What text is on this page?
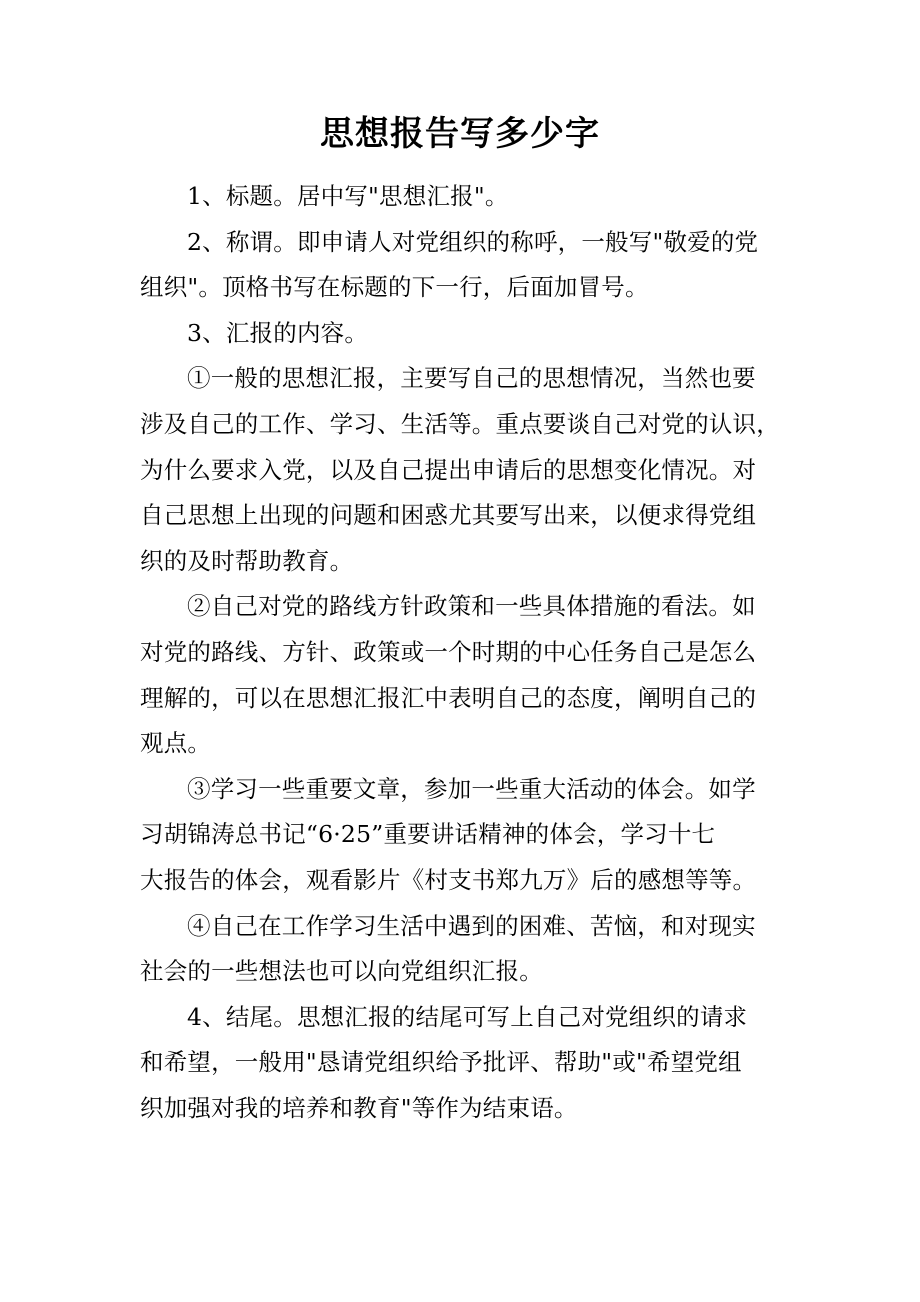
思想报告写多少字
1、标题。居中写"思想汇报"。
2、称谓。即申请人对党组织的称呼，一般写"敬爱的党
组织"。顶格书写在标题的下一行，后面加冒号。
3、汇报的内容。
①一般的思想汇报，主要写自己的思想情况，当然也要
涉及自己的工作、学习、生活等。重点要谈自己对党的认识，
为什么要求入党，以及自己提出申请后的思想变化情况。对
自己思想上出现的问题和困惑尤其要写出来，以便求得党组
织的及时帮助教育。
②自己对党的路线方针政策和一些具体措施的看法。如
对党的路线、方针、政策或一个时期的中心任务自己是怎么
理解的，可以在思想汇报汇中表明自己的态度，阐明自己的
观点。
③学习一些重要文章，参加一些重大活动的体会。如学
习胡锦涛总书记“6·25”重要讲话精神的体会，学习十七
大报告的体会，观看影片《村支书郑九万》后的感想等等。
④自己在工作学习生活中遇到的困难、苦恼，和对现实
社会的一些想法也可以向党组织汇报。
4、结尾。思想汇报的结尾可写上自己对党组织的请求
和希望，一般用"恳请党组织给予批评、帮助"或"希望党组
织加强对我的培养和教育"等作为结束语。
